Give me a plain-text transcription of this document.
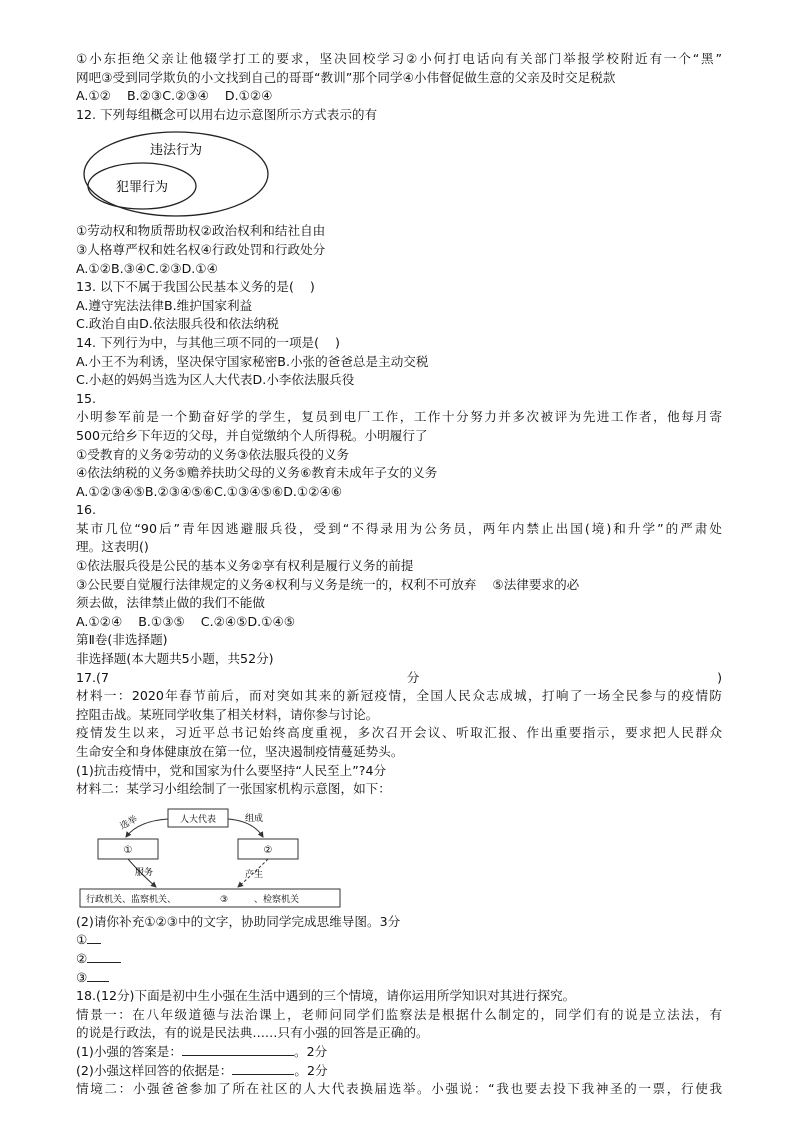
①小东拒绝父亲让他辍学打工的要求，坚决回校学习②小何打电话向有关部门举报学校附近有一个“黑”
网吧③受到同学欺负的小文找到自己的哥哥“教训”那个同学④小伟督促做生意的父亲及时交足税款
A.①②    B.②③C.②③④    D.①②④
12. 下列每组概念可以用右边示意图所示方式表示的有
违法行为
犯罪行为
①劳动权和物质帮助权②政治权利和结社自由
③人格尊严权和姓名权④行政处罚和行政处分
A.①②B.③④C.②③D.①④
13. 以下不属于我国公民基本义务的是(    )
A.遵守宪法法律B.维护国家利益
C.政治自由D.依法服兵役和依法纳税
14. 下列行为中，与其他三项不同的一项是(    )
A.小王不为利诱，坚决保守国家秘密B.小张的爸爸总是主动交税
C.小赵的妈妈当选为区人大代表D.小李依法服兵役
15.
小明参军前是一个勤奋好学的学生，复员到电厂工作，工作十分努力并多次被评为先进工作者，他每月寄
500元给乡下年迈的父母，并自觉缴纳个人所得税。小明履行了
①受教育的义务②劳动的义务③依法服兵役的义务
④依法纳税的义务⑤赡养扶助父母的义务⑥教育未成年子女的义务
A.①②③④⑤B.②③④⑤⑥C.①③④⑤⑥D.①②④⑥
16.
某市几位“90后”青年因逃避服兵役，受到“不得录用为公务员，两年内禁止出国(境)和升学”的严肃处
理。这表明()
①依法服兵役是公民的基本义务②享有权利是履行义务的前提
③公民要自觉履行法律规定的义务④权利与义务是统一的，权利不可放弃    ⑤法律要求的必
须去做，法律禁止做的我们不能做
A.①②④    B.①③⑤    C.②④⑤D.①④⑤
第Ⅱ卷(非选择题)
非选择题(本大题共5小题，共52分)
17.(7	分	)
材料一：2020年春节前后，而对突如其来的新冠疫情，全国人民众志成城，打响了一场全民参与的疫情防
控阻击战。某班同学收集了相关材料，请你参与讨论。
疫情发生以来，习近平总书记始终高度重视，多次召开会议、听取汇报、作出重要指示，要求把人民群众
生命安全和身体健康放在第一位，坚决遏制疫情蔓延势头。
(1)抗击疫情中，党和国家为什么要坚持“人民至上”?4分
材料二：某学习小组绘制了一张国家机构示意图，如下：
人大代表
选举	组成
①	②
服务	产生
行政机关、监察机关、	③	、检察机关
(2)请你补充①②③中的文字，协助同学完成思维导图。3分
①
②
③
18.(12分)下面是初中生小强在生活中遇到的三个情境，请你运用所学知识对其进行探究。
情景一：在八年级道德与法治课上，老师问同学们监察法是根据什么制定的，同学们有的说是立法法，有
的说是行政法，有的说是民法典……只有小强的回答是正确的。
(1)小强的答案是：	。2分
(2)小强这样回答的依据是：	。2分
情境二：小强爸爸参加了所在社区的人大代表换届选举。小强说：“我也要去投下我神圣的一票，行使我
